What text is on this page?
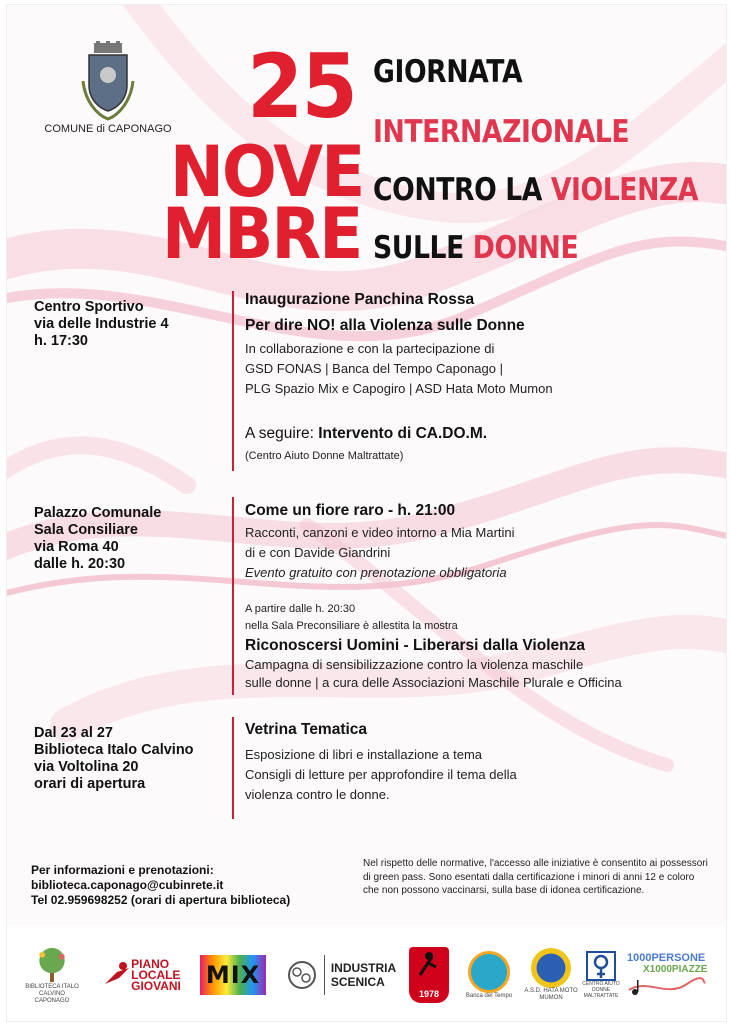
COMUNE di CAPONAGO 25
NOVE
MBRE
GIORNATA
INTERNAZIONALE
CONTRO LA VIOLENZA
SULLE DONNE
Centro Sportivo
via delle Industrie 4
h. 17:30
Inaugurazione Panchina Rossa
Per dire NO! alla Violenza sulle Donne
In collaborazione e con la partecipazione di
GSD FONAS | Banca del Tempo Caponago |
PLG Spazio Mix e Capogiro | ASD Hata Moto Mumon
A seguire: Intervento di CA.DO.M.
(Centro Aiuto Donne Maltrattate)
Palazzo Comunale
Sala Consiliare
via Roma 40
dalle h. 20:30
Come un fiore raro - h. 21:00
Racconti, canzoni e video intorno a Mia Martini
di e con Davide Giandrini
Evento gratuito con prenotazione obbligatoria
A partire dalle h. 20:30
nella Sala Preconsiliare è allestita la mostra
Riconoscersi Uomini - Liberarsi dalla Violenza
Campagna di sensibilizzazione contro la violenza maschile
sulle donne | a cura delle Associazioni Maschile Plurale e Officina
Dal 23 al 27
Biblioteca Italo Calvino
via Voltolina 20
orari di apertura
Vetrina Tematica
Esposizione di libri e installazione a tema
Consigli di letture per approfondire il tema della
violenza contro le donne.
Per informazioni e prenotazioni:
biblioteca.caponago@cubinrete.it
Tel 02.959698252 (orari di apertura biblioteca)
Nel rispetto delle normative, l'accesso alle iniziative è consentito ai possessori di green pass. Sono esentati dalla certificazione i minori di anni 12 e coloro che non possono vaccinarsi, sulla base di idonea certificazione.
BIBLIOTECA ITALO CALVINO CAPONAGO
PIANO
LOCALE
GIOVANI MIX	INDUSTRIA
SCENICA
1978	Banca del Tempo
A.S.D. HATA MOTO MUMON
CENTRO AIUTO DONNE MALTRATTATE
1000PERSONE
X1000PIAZZE
